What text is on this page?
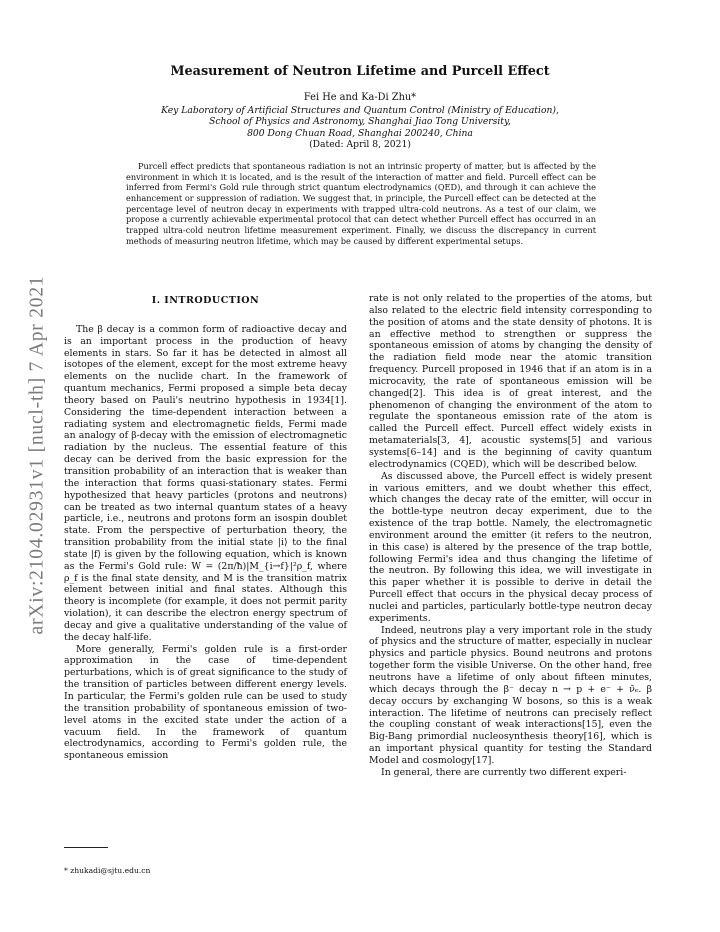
arXiv:2104.02931v1 [nucl-th] 7 Apr 2021
Measurement of Neutron Lifetime and Purcell Effect
Fei He and Ka-Di Zhu*
Key Laboratory of Artificial Structures and Quantum Control (Ministry of Education),
School of Physics and Astronomy, Shanghai Jiao Tong University,
800 Dong Chuan Road, Shanghai 200240, China
(Dated: April 8, 2021)

Purcell effect predicts that spontaneous radiation is not an intrinsic property of matter, but is affected by the environment in which it is located, and is the result of the interaction of matter and field. Purcell effect can be inferred from Fermi's Gold rule through strict quantum electrodynamics (QED), and through it can achieve the enhancement or suppression of radiation. We suggest that, in principle, the Purcell effect can be detected at the percentage level of neutron decay in experiments with trapped ultra-cold neutrons. As a test of our claim, we propose a currently achievable experimental protocol that can detect whether Purcell effect has occurred in an trapped ultra-cold neutron lifetime measurement experiment. Finally, we discuss the discrepancy in current methods of measuring neutron lifetime, which may be caused by different experimental setups.

I. INTRODUCTION

The β decay is a common form of radioactive decay and is an important process in the production of heavy elements in stars. So far it has be detected in almost all isotopes of the element, except for the most extreme heavy elements on the nuclide chart. In the framework of quantum mechanics, Fermi proposed a simple beta decay theory based on Pauli's neutrino hypothesis in 1934[1]. Considering the time-dependent interaction between a radiating system and electromagnetic fields, Fermi made an analogy of β-decay with the emission of electromagnetic radiation by the nucleus. The essential feature of this decay can be derived from the basic expression for the transition probability of an interaction that is weaker than the interaction that forms quasi-stationary states. Fermi hypothesized that heavy particles (protons and neutrons) can be treated as two internal quantum states of a heavy particle, i.e., neutrons and protons form an isospin doublet state. From the perspective of perturbation theory, the transition probability from the initial state |i⟩ to the final state |f⟩ is given by the following equation, which is known as the Fermi's Gold rule: W = (2π/ħ)|M_{i→f}|²ρ_f, where ρ_f is the final state density, and M is the transition matrix element between initial and final states. Although this theory is incomplete (for example, it does not permit parity violation), it can describe the electron energy spectrum of decay and give a qualitative understanding of the value of the decay half-life.

More generally, Fermi's golden rule is a first-order approximation in the case of time-dependent perturbations, which is of great significance to the study of the transition of particles between different energy levels. In particular, the Fermi's golden rule can be used to study the transition probability of spontaneous emission of two-level atoms in the excited state under the action of a vacuum field. In the framework of quantum electrodynamics, according to Fermi's golden rule, the spontaneous emission

rate is not only related to the properties of the atoms, but also related to the electric field intensity corresponding to the position of atoms and the state density of photons. It is an effective method to strengthen or suppress the spontaneous emission of atoms by changing the density of the radiation field mode near the atomic transition frequency. Purcell proposed in 1946 that if an atom is in a microcavity, the rate of spontaneous emission will be changed[2]. This idea is of great interest, and the phenomenon of changing the environment of the atom to regulate the spontaneous emission rate of the atom is called the Purcell effect. Purcell effect widely exists in metamaterials[3, 4], acoustic systems[5] and various systems[6–14] and is the beginning of cavity quantum electrodynamics (CQED), which will be described below.

As discussed above, the Purcell effect is widely present in various emitters, and we doubt whether this effect, which changes the decay rate of the emitter, will occur in the bottle-type neutron decay experiment, due to the existence of the trap bottle. Namely, the electromagnetic environment around the emitter (it refers to the neutron, in this case) is altered by the presence of the trap bottle, following Fermi's idea and thus changing the lifetime of the neutron. By following this idea, we will investigate in this paper whether it is possible to derive in detail the Purcell effect that occurs in the physical decay process of nuclei and particles, particularly bottle-type neutron decay experiments.

Indeed, neutrons play a very important role in the study of physics and the structure of matter, especially in nuclear physics and particle physics. Bound neutrons and protons together form the visible Universe. On the other hand, free neutrons have a lifetime of only about fifteen minutes, which decays through the β⁻ decay n → p + e⁻ + ν̄ₑ. β decay occurs by exchanging W bosons, so this is a weak interaction. The lifetime of neutrons can precisely reflect the coupling constant of weak interactions[15], even the Big-Bang primordial nucleosynthesis theory[16], which is an important physical quantity for testing the Standard Model and cosmology[17].

In general, there are currently two different experi-

* zhukadi@sjtu.edu.cn
